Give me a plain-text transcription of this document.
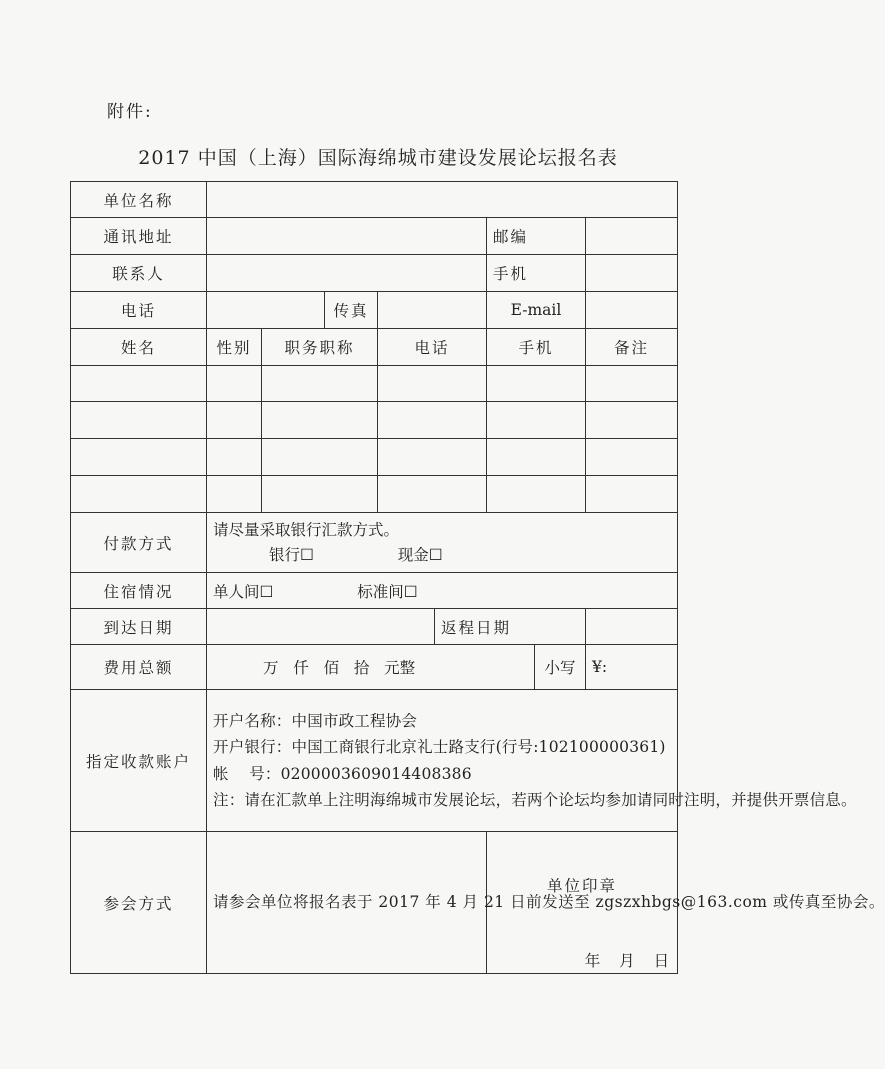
附件:
2017 中国（上海）国际海绵城市建设发展论坛报名表
单位名称							
通讯地址						邮编	
联系人						手机	
电话			传真			E-mail	
姓名	性别	职务职称		电话		手机	备注

付款方式	请尽量采取银行汇款方式。
银行☐ 现金☐						

住宿情况	单人间☐ 标准间☐						
到达日期					返程日期		
费用总额	万   仟   佰   拾   元整 小写						¥:
指定收款账户	开户名称：中国市政工程协会
开户银行：中国工商银行北京礼士路支行(行号:102100000361)
帐    号：0200003609014408386
注：请在汇款单上注明海绵城市发展论坛，若两个论坛均参加请同时注明，并提供开票信息。						

参会方式	请参会单位将报名表于 2017 年 4 月 21 日前发送至 zgszxhbgs@163.com 或传真至协会。					单位印章
年 月 日	
